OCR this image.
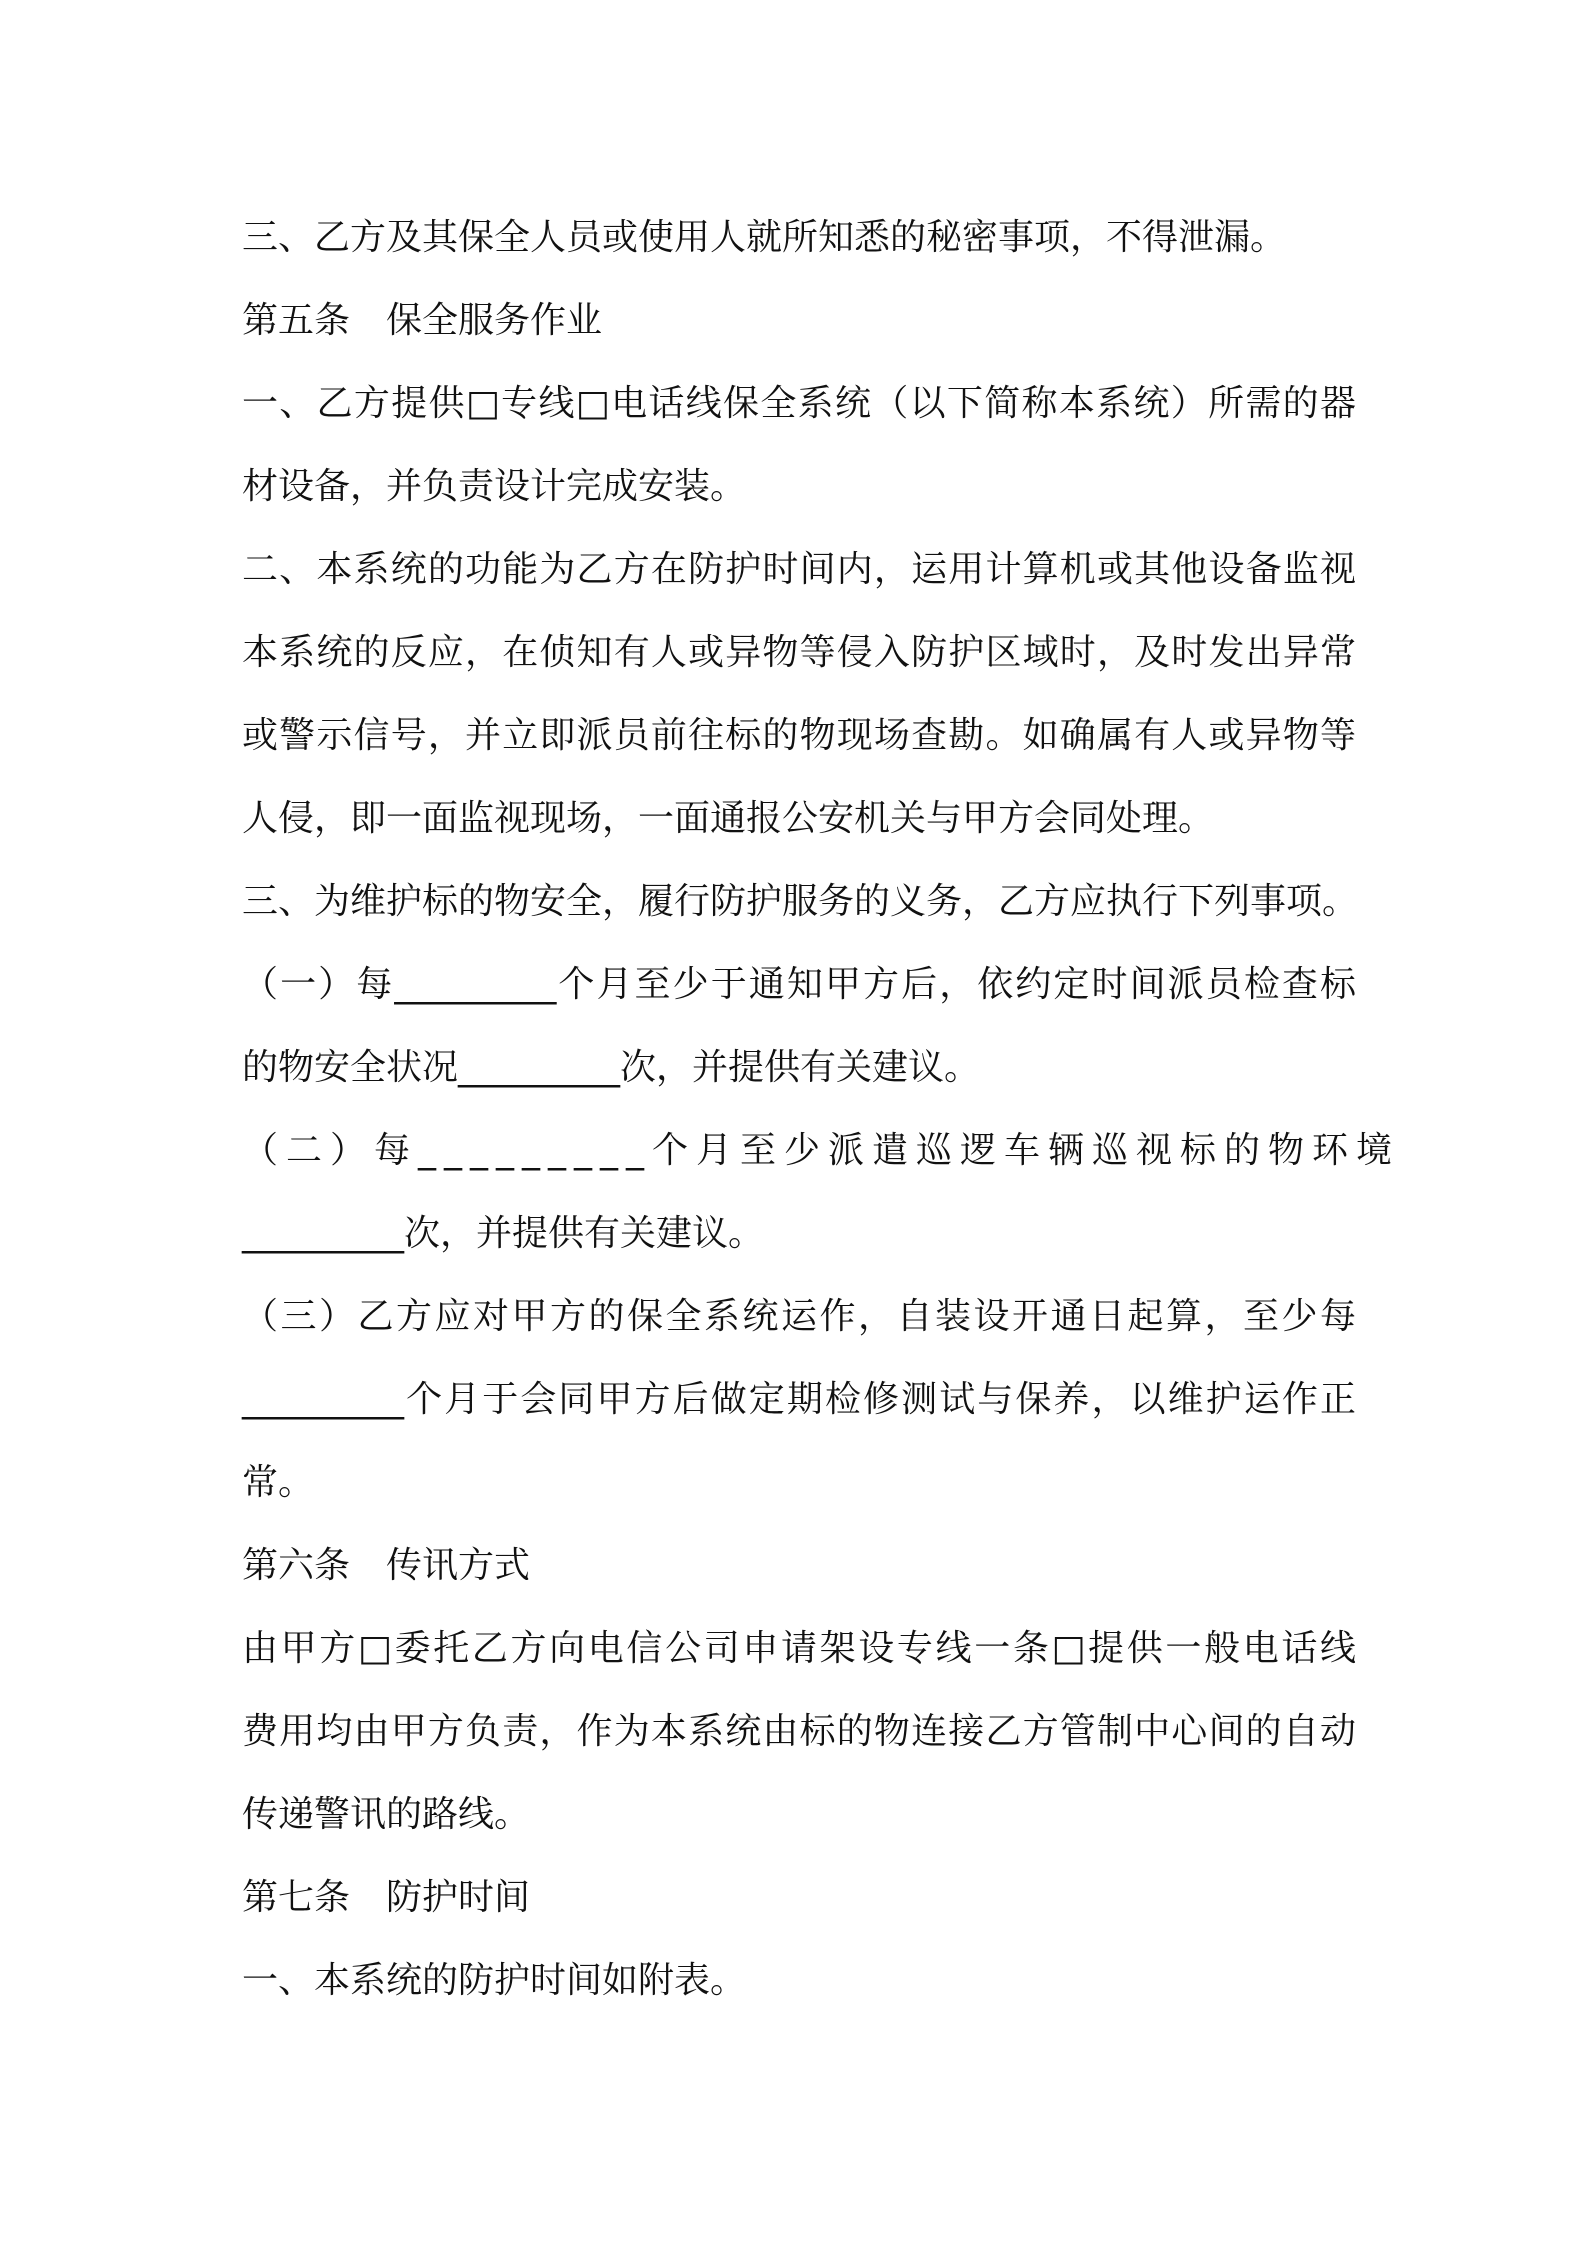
三、乙方及其保全人员或使用人就所知悉的秘密事项，不得泄漏。
第五条　保全服务作业
一、乙方提供□专线□电话线保全系统（以下简称本系统）所需的器
材设备，并负责设计完成安装。
二、本系统的功能为乙方在防护时间内，运用计算机或其他设备监视
本系统的反应，在侦知有人或异物等侵入防护区域时，及时发出异常
或警示信号，并立即派员前往标的物现场查勘。如确属有人或异物等
人侵，即一面监视现场，一面通报公安机关与甲方会同处理。
三、为维护标的物安全，履行防护服务的义务，乙方应执行下列事项。
（一）每_________个月至少于通知甲方后，依约定时间派员检查标
的物安全状况_________次，并提供有关建议。
（二）每_________个月至少派遣巡逻车辆巡视标的物环境
_________次，并提供有关建议。
（三）乙方应对甲方的保全系统运作，自装设开通日起算，至少每
_________个月于会同甲方后做定期检修测试与保养，以维护运作正
常。
第六条　传讯方式
由甲方□委托乙方向电信公司申请架设专线一条□提供一般电话线
费用均由甲方负责，作为本系统由标的物连接乙方管制中心间的自动
传递警讯的路线。
第七条　防护时间
一、本系统的防护时间如附表。
